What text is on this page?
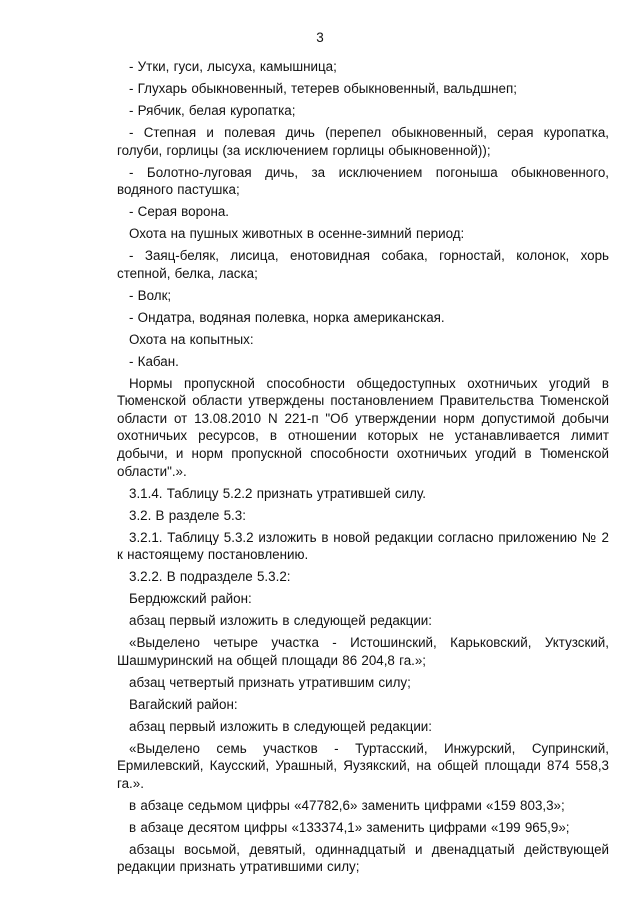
3

- Утки, гуси, лысуха, камышница;

- Глухарь обыкновенный, тетерев обыкновенный, вальдшнеп;

- Рябчик, белая куропатка;

- Степная и полевая дичь (перепел обыкновенный, серая куропатка, голуби, горлицы (за исключением горлицы обыкновенной));

- Болотно-луговая дичь, за исключением погоныша обыкновенного, водяного пастушка;

- Серая ворона.

Охота на пушных животных в осенне-зимний период:

- Заяц-беляк, лисица, енотовидная собака, горностай, колонок, хорь степной, белка, ласка;

- Волк;

- Ондатра, водяная полевка, норка американская.

Охота на копытных:

- Кабан.

Нормы пропускной способности общедоступных охотничьих угодий в Тюменской области утверждены постановлением Правительства Тюменской области от 13.08.2010 N 221-п "Об утверждении норм допустимой добычи охотничьих ресурсов, в отношении которых не устанавливается лимит добычи, и норм пропускной способности охотничьих угодий в Тюменской области".».

3.1.4. Таблицу 5.2.2 признать утратившей силу.

3.2. В разделе 5.3:

3.2.1. Таблицу 5.3.2 изложить в новой редакции согласно приложению № 2 к настоящему постановлению.

3.2.2. В подразделе 5.3.2:

Бердюжский район:

абзац первый изложить в следующей редакции:

«Выделено четыре участка - Истошинский, Карьковский, Уктузский, Шашмуринский на общей площади 86 204,8 га.»;

абзац четвертый признать утратившим силу;

Вагайский район:

абзац первый изложить в следующей редакции:

«Выделено семь участков - Туртасский, Инжурский, Супринский, Ермилевский, Каусский, Урашный, Яузякский, на общей площади 874 558,3 га.».

в абзаце седьмом цифры «47782,6» заменить цифрами «159 803,3»;

в абзаце десятом цифры «133374,1» заменить цифрами «199 965,9»;

абзацы восьмой, девятый, одиннадцатый и двенадцатый действующей редакции признать утратившими силу;
